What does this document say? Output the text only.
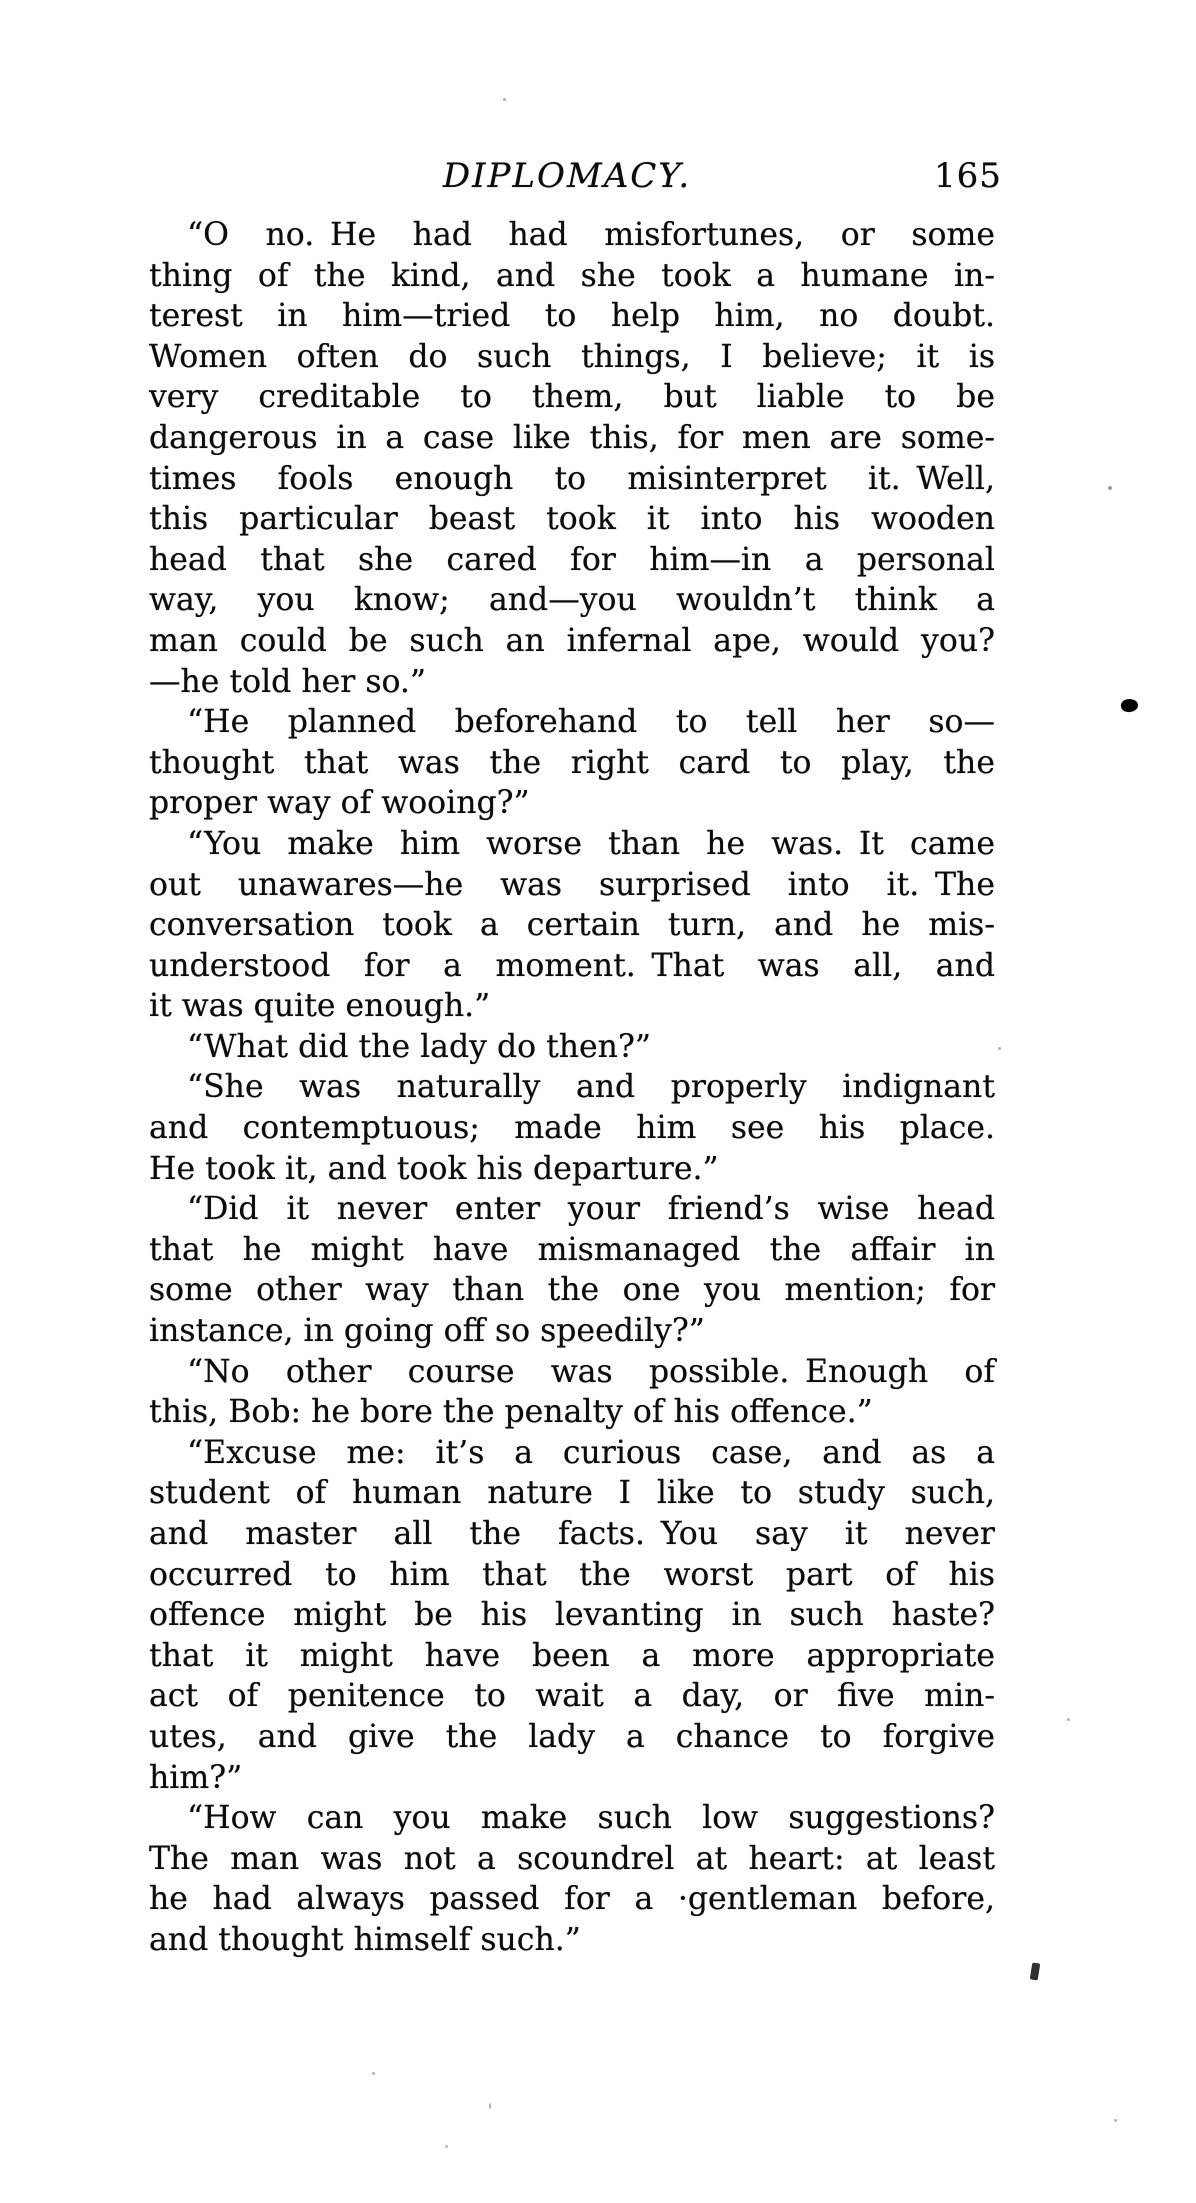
DIPLOMACY.	165
“O no. He had had misfortunes, or some
thing of the kind, and she took a humane in-
terest in him—tried to help him, no doubt.
Women often do such things, I believe; it is
very creditable to them, but liable to be
dangerous in a case like this, for men are some-
times fools enough to misinterpret it. Well,
this particular beast took it into his wooden
head that she cared for him—in a personal
way, you know; and—you wouldn’t think a
man could be such an infernal ape, would you?
—he told her so.”
“He planned beforehand to tell her so—
thought that was the right card to play, the
proper way of wooing?”
“You make him worse than he was. It came
out unawares—he was surprised into it. The
conversation took a certain turn, and he mis-
understood for a moment. That was all, and
it was quite enough.”
“What did the lady do then?”
“She was naturally and properly indignant
and contemptuous; made him see his place.
He took it, and took his departure.”
“Did it never enter your friend’s wise head
that he might have mismanaged the affair in
some other way than the one you mention; for
instance, in going off so speedily?”
“No other course was possible. Enough of
this, Bob: he bore the penalty of his offence.”
“Excuse me: it’s a curious case, and as a
student of human nature I like to study such,
and master all the facts. You say it never
occurred to him that the worst part of his
offence might be his levanting in such haste?
that it might have been a more appropriate
act of penitence to wait a day, or five min-
utes, and give the lady a chance to forgive
him?”
“How can you make such low suggestions?
The man was not a scoundrel at heart: at least
he had always passed for a ·gentleman before,
and thought himself such.”
